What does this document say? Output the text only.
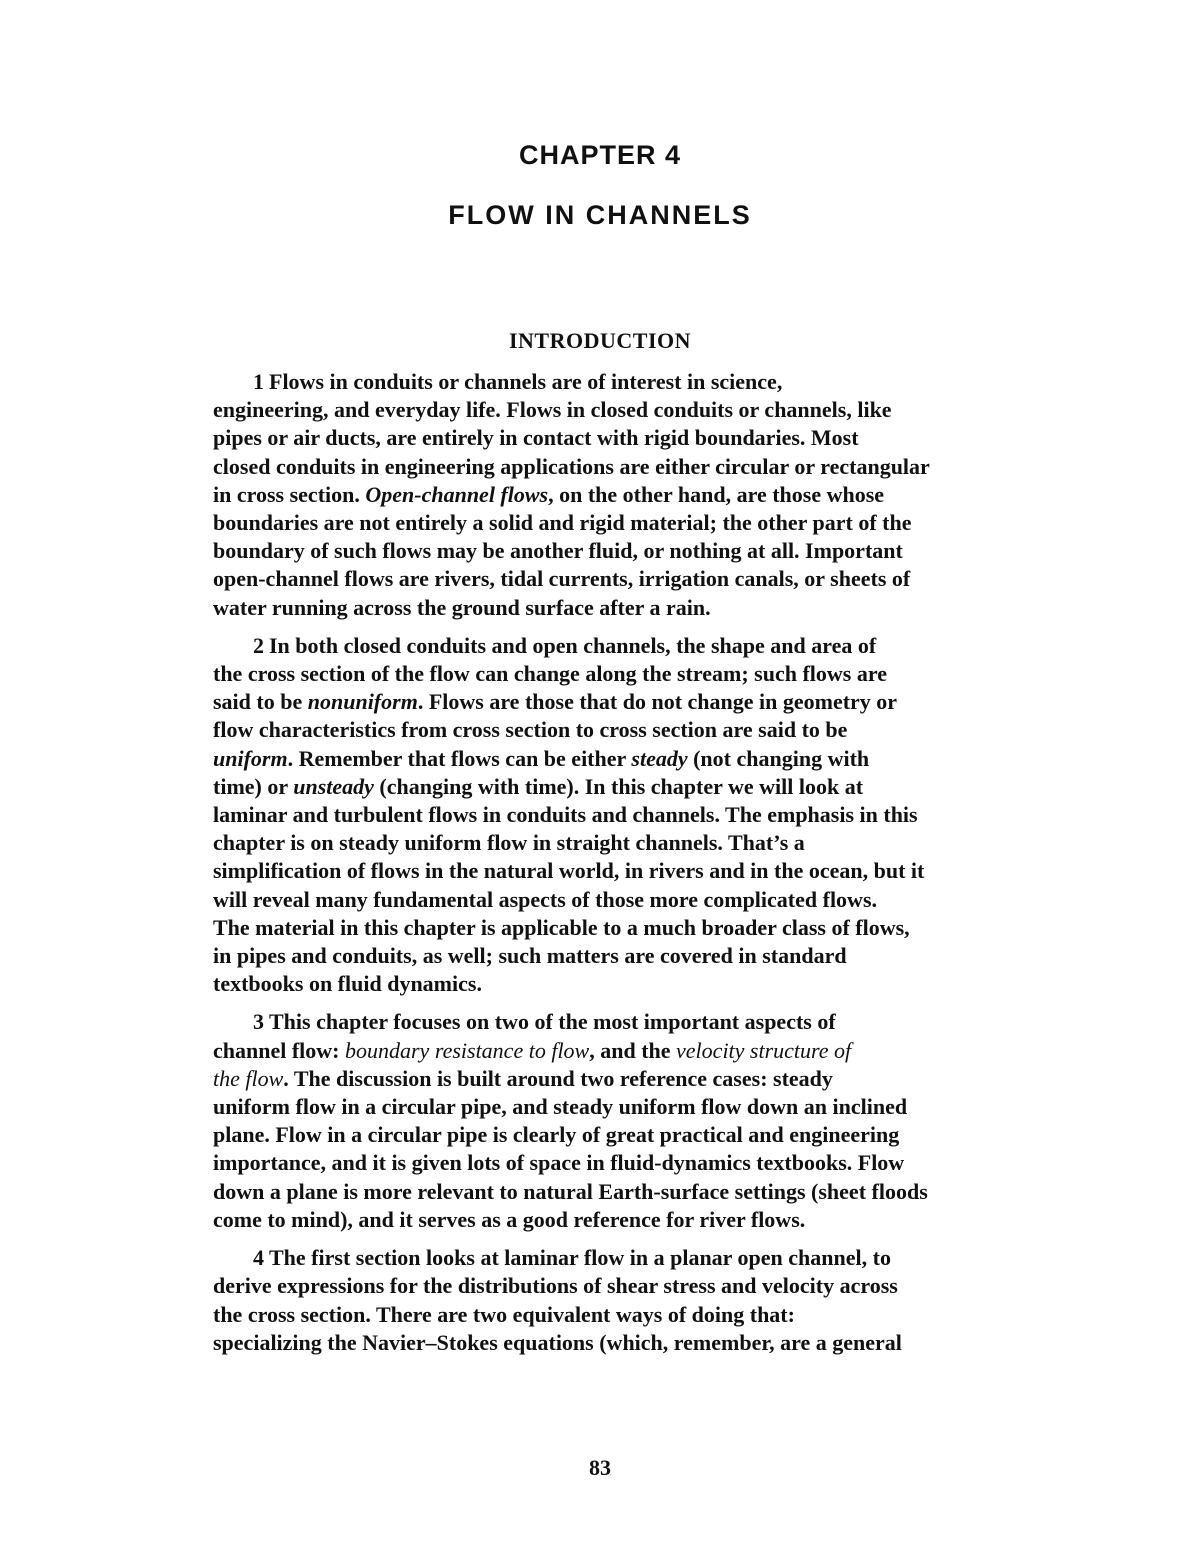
CHAPTER 4
FLOW IN CHANNELS
INTRODUCTION
1 Flows in conduits or channels are of interest in science,
engineering, and everyday life. Flows in closed conduits or channels, like
pipes or air ducts, are entirely in contact with rigid boundaries. Most
closed conduits in engineering applications are either circular or rectangular
in cross section. Open-channel flows, on the other hand, are those whose
boundaries are not entirely a solid and rigid material; the other part of the
boundary of such flows may be another fluid, or nothing at all. Important
open-channel flows are rivers, tidal currents, irrigation canals, or sheets of
water running across the ground surface after a rain.
2 In both closed conduits and open channels, the shape and area of
the cross section of the flow can change along the stream; such flows are
said to be nonuniform. Flows are those that do not change in geometry or
flow characteristics from cross section to cross section are said to be
uniform. Remember that flows can be either steady (not changing with
time) or unsteady (changing with time). In this chapter we will look at
laminar and turbulent flows in conduits and channels. The emphasis in this
chapter is on steady uniform flow in straight channels. That’s a
simplification of flows in the natural world, in rivers and in the ocean, but it
will reveal many fundamental aspects of those more complicated flows.
The material in this chapter is applicable to a much broader class of flows,
in pipes and conduits, as well; such matters are covered in standard
textbooks on fluid dynamics.
3 This chapter focuses on two of the most important aspects of
channel flow: boundary resistance to flow, and the velocity structure of
the flow. The discussion is built around two reference cases: steady
uniform flow in a circular pipe, and steady uniform flow down an inclined
plane. Flow in a circular pipe is clearly of great practical and engineering
importance, and it is given lots of space in fluid-dynamics textbooks. Flow
down a plane is more relevant to natural Earth-surface settings (sheet floods
come to mind), and it serves as a good reference for river flows.
4 The first section looks at laminar flow in a planar open channel, to
derive expressions for the distributions of shear stress and velocity across
the cross section. There are two equivalent ways of doing that:
specializing the Navier–Stokes equations (which, remember, are a general
83
